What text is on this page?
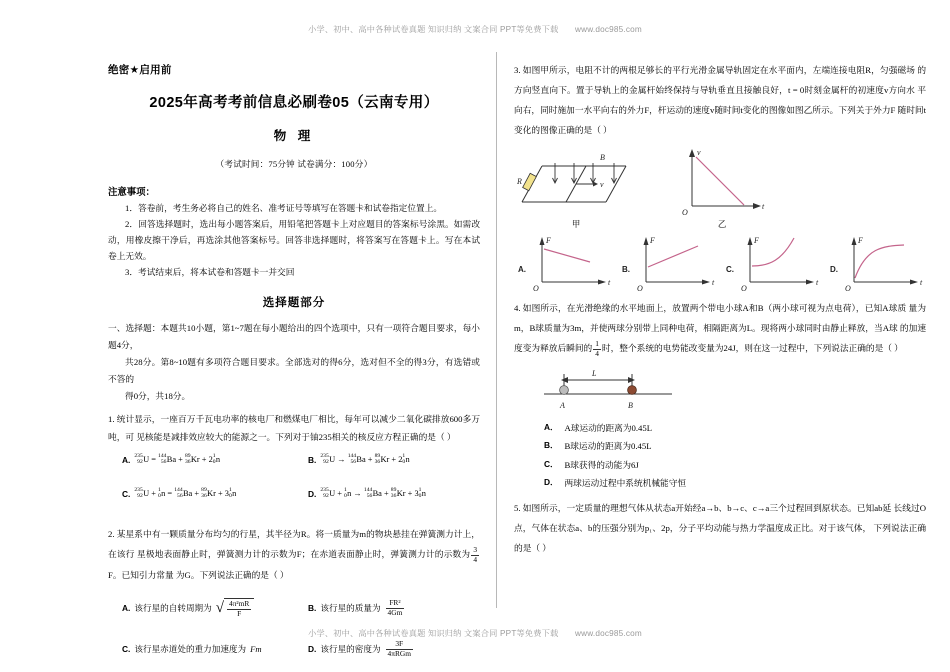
小学、初中、高中各种试卷真题 知识归纳 文案合同 PPT等免费下载 www.doc985.com
绝密★启用前
2025年高考考前信息必刷卷05（云南专用）
物 理
（考试时间：75分钟 试卷满分：100分）
注意事项：

1．答卷前，考生务必将自己的姓名、准考证号等填写在答题卡和试卷指定位置上。

2．回答选择题时，选出每小题答案后，用铅笔把答题卡上对应题目的答案标号涂黑。如需改动，用橡皮擦干净后，再选涂其他答案标号。回答非选择题时，将答案写在答题卡上。写在本试卷上无效。

3．考试结束后，将本试卷和答题卡一并交回

选择题部分
一、选择题：本题共10小题，第1~7题在每小题给出的四个选项中，只有一项符合题目要求，每小题4分，
共28分。第8~10题有多项符合题目要求。全部选对的得6分，选对但不全的得3分，有选错或不答的
得0分，共18分。
1. 统计显示，一座百万千瓦电功率的核电厂和燃煤电厂相比，每年可以减少二氧化碳排放600多万吨，可 见核能是减排效应较大的能源之一。下列对于铀235相关的核反应方程正确的是（ ）
A. 235
92 U = 144
56 Ba + 89
36 Kr + 2 1
0 n	B. 235
92 U → 144
56 Ba + 89
36 Kr + 2 1
0 n
C. 235
92 U + 1
0 n = 144
56 Ba + 89
36 Kr + 3 1
0 n	D. 235
92 U + 1
0 n → 144
56 Ba + 89
36 Kr + 3 1
0 n
2. 某星系中有一颗质量分布均匀的行星，其半径为R。将一质量为m的物块悬挂在弹簧测力计上，在该行 星极地表面静止时，弹簧测力计的示数为F；在赤道表面静止时，弹簧测力计的示数为 $\frac{3}{4}$
F。已知引力常量 为G。下列说法正确的是（ ）
A. 该行星的自转周期为 √ $\frac{\text{4π²mR}}{F}$	B. 该行星的质量为 $\frac{\text{FR²}}{4Gm}$
C. 该行星赤道处的重力加速度为 Fm	D. 该行星的密度为 $\frac{3F}{\text{4πRGm}}$
3. 如图甲所示，电阻不计的两根足够长的平行光滑金属导轨固定在水平面内，左端连接电阻R，匀强磁场 的方向竖直向下。置于导轨上的金属杆始终保持与导轨垂直且接触良好，t = 0时刻金属杆的初速度v方向水 平向右，同时施加一水平向右的外力F，杆运动的速度v随时间t变化的图像如图乙所示。下列关于外力F 随时间t变化的图像正确的是（ ）
R
B
v
甲
v
t
O
乙
A.
F
t
O
B.
F
t
O
C.
F
t
O
D.
F
t
O
4. 如图所示，在光滑绝缘的水平地面上，放置两个带电小球A和B（两小球可视为点电荷），已知A球质 量为m，B球质量为3m，并使两球分别带上同种电荷，相隔距离为L。现将两小球同时由静止释放，当A球 的加速度变为释放后瞬间的 $\frac{1}{4}$ 时，整个系统的电势能改变量为24J，则在这一过程中，下列说法正确的是（ ）
L
A	B
A． A球运动的距离为0.45L
B． B球运动的距离为0.45L
C． B球获得的动能为6J
D． 两球运动过程中系统机械能守恒
5. 如图所示，一定质量的理想气体从状态a开始经a→b、b→c、c→a三个过程回到原状态。已知ab延 长线过O点，气体在状态a、b的压强分别为p₁、2p，分子平均动能与热力学温度成正比。对于该气体， 下列说法正确的是（ ）
小学、初中、高中各种试卷真题 知识归纳 文案合同 PPT等免费下载 www.doc985.com
